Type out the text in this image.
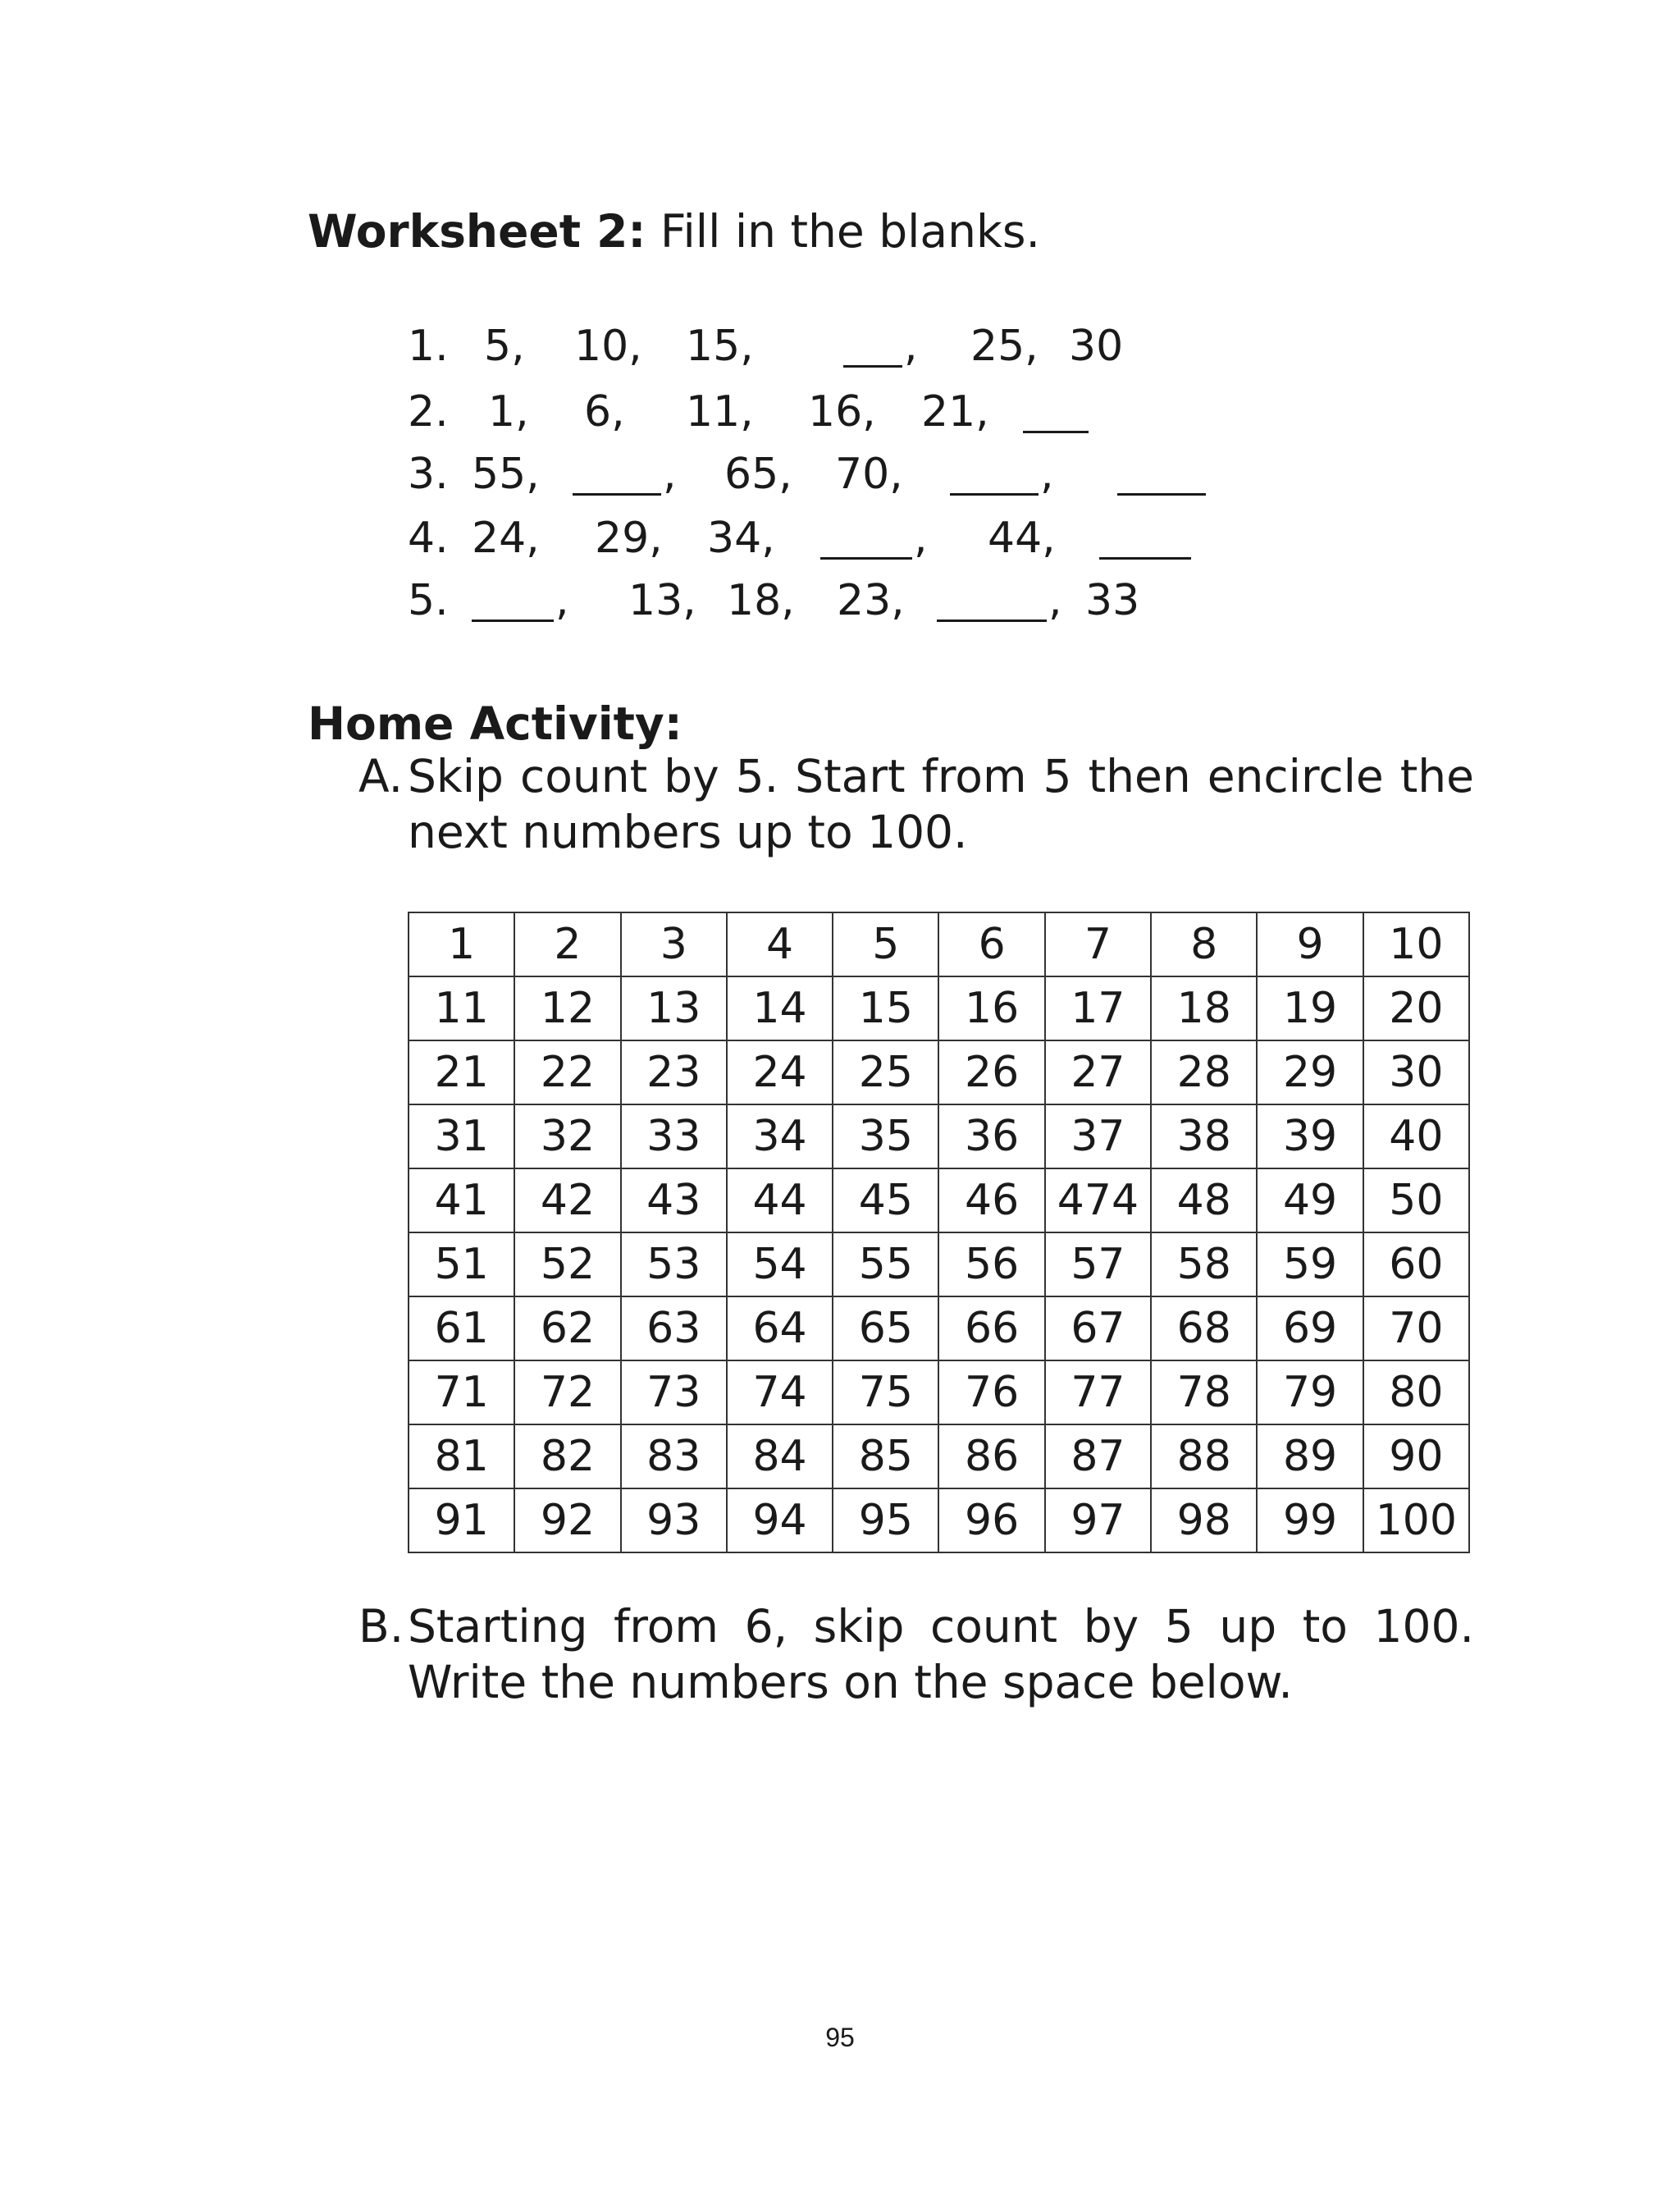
Worksheet 2: Fill in the blanks.
1. 5, 10, 15,	, 25, 30
2. 1, 6, 11, 16, 21,
3. 55,	, 65, 70,	,
4. 24, 29, 34,	, 44,
5.	, 13, 18, 23,	, 33
Home Activity:
A. Skip count by 5. Start from 5 then encircle the next numbers up to 100.
1	2	3	4	5	6	7	8	9	10
11	12	13	14	15	16	17	18	19	20
21	22	23	24	25	26	27	28	29	30
31	32	33	34	35	36	37	38	39	40
41	42	43	44	45	46	474	48	49	50
51	52	53	54	55	56	57	58	59	60
61	62	63	64	65	66	67	68	69	70
71	72	73	74	75	76	77	78	79	80
81	82	83	84	85	86	87	88	89	90
91	92	93	94	95	96	97	98	99	100
B. Starting from 6, skip count by 5 up to 100. Write the numbers on the space below.
95
